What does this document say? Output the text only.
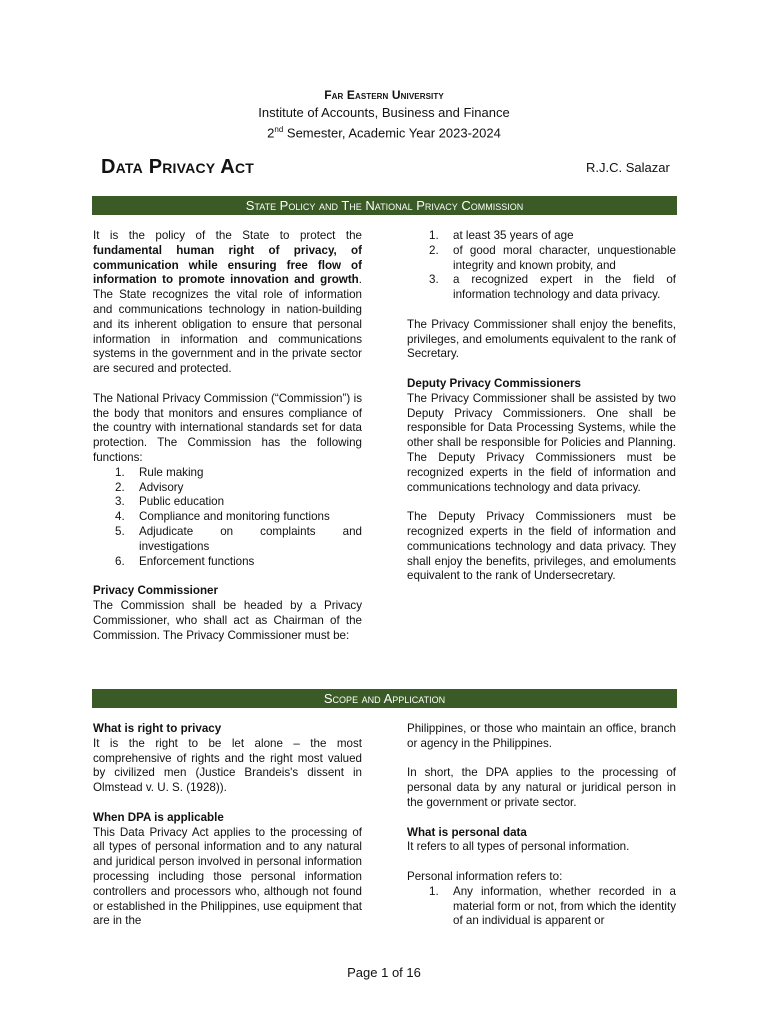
Far Eastern University
Institute of Accounts, Business and Finance
2nd Semester, Academic Year 2023-2024
Data Privacy Act	R.J.C. Salazar
State Policy and The National Privacy Commission

It is the policy of the State to protect the fundamental human right of privacy, of communication while ensuring free flow of information to promote innovation and growth. The State recognizes the vital role of information and communications technology in nation-building and its inherent obligation to ensure that personal information in information and communications systems in the government and in the private sector are secured and protected.

The National Privacy Commission (“Commission”) is the body that monitors and ensures compliance of the country with international standards set for data protection. The Commission has the following functions:

1. Rule making
2. Advisory
3. Public education
4. Compliance and monitoring functions
5. Adjudicate on complaints and investigations
6. Enforcement functions
Privacy Commissioner

The Commission shall be headed by a Privacy Commissioner, who shall act as Chairman of the Commission. The Privacy Commissioner must be:

1. at least 35 years of age
2. of good moral character, unquestionable integrity and known probity, and
3. a recognized expert in the field of information technology and data privacy.

The Privacy Commissioner shall enjoy the benefits, privileges, and emoluments equivalent to the rank of Secretary.

Deputy Privacy Commissioners

The Privacy Commissioner shall be assisted by two Deputy Privacy Commissioners. One shall be responsible for Data Processing Systems, while the other shall be responsible for Policies and Planning. The Deputy Privacy Commissioners must be recognized experts in the field of information and communications technology and data privacy.

The Deputy Privacy Commissioners must be recognized experts in the field of information and communications technology and data privacy. They shall enjoy the benefits, privileges, and emoluments equivalent to the rank of Undersecretary.

Scope and Application
What is right to privacy

It is the right to be let alone – the most comprehensive of rights and the right most valued by civilized men (Justice Brandeis's dissent in Olmstead v. U. S. (1928)).

When DPA is applicable

This Data Privacy Act applies to the processing of all types of personal information and to any natural and juridical person involved in personal information processing including those personal information controllers and processors who, although not found or established in the Philippines, use equipment that are in the

Philippines, or those who maintain an office, branch or agency in the Philippines.

In short, the DPA applies to the processing of personal data by any natural or juridical person in the government or private sector.

What is personal data

It refers to all types of personal information.

Personal information refers to:

1. Any information, whether recorded in a material form or not, from which the identity of an individual is apparent or
Page 1 of 16
